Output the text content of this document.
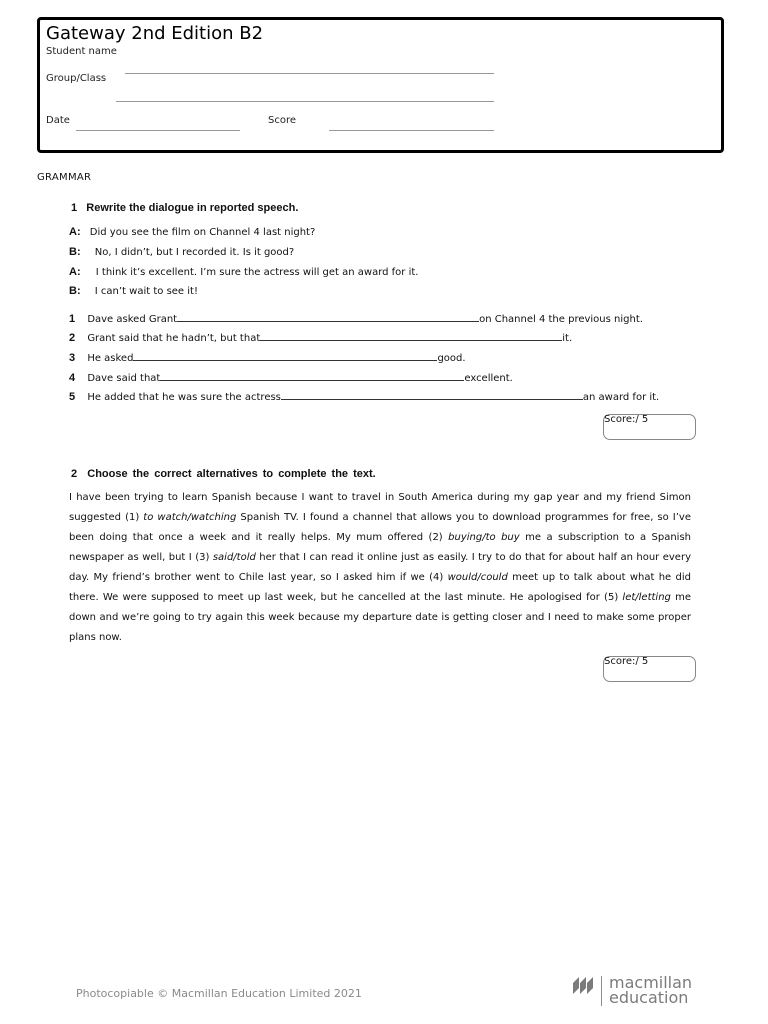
Gateway 2nd Edition B2
Student name
Group/Class
Date	Score
GRAMMAR
1 Rewrite the dialogue in reported speech.
A: Did you see the film on Channel 4 last night?
B: No, I didn’t, but I recorded it. Is it good?
A: I think it’s excellent. I’m sure the actress will get an award for it.
B: I can’t wait to see it!
1 Dave asked Grant	on Channel 4 the previous night.
2 Grant said that he hadn’t, but that	it.
3 He asked	good.
4 Dave said that	excellent.
5 He added that he was sure the actress	an award for it.
Score:/ 5
2 Choose the correct alternatives to complete the text.
I have been trying to learn Spanish because I want to travel in South America during my gap year and my friend Simon suggested (1) to watch/watching Spanish TV. I found a channel that allows you to download programmes for free, so I’ve been doing that once a week and it really helps. My mum offered (2) buying/to buy me a subscription to a Spanish newspaper as well, but I (3) said/told her that I can read it online just as easily. I try to do that for about half an hour every day. My friend’s brother went to Chile last year, so I asked him if we (4) would/could meet up to talk about what he did there. We were supposed to meet up last week, but he cancelled at the last minute. He apologised for (5) let/letting me down and we’re going to try again this week because my departure date is getting closer and I need to make some proper plans now.
Score:/ 5
Photocopiable © Macmillan Education Limited 2021
macmillan
education
